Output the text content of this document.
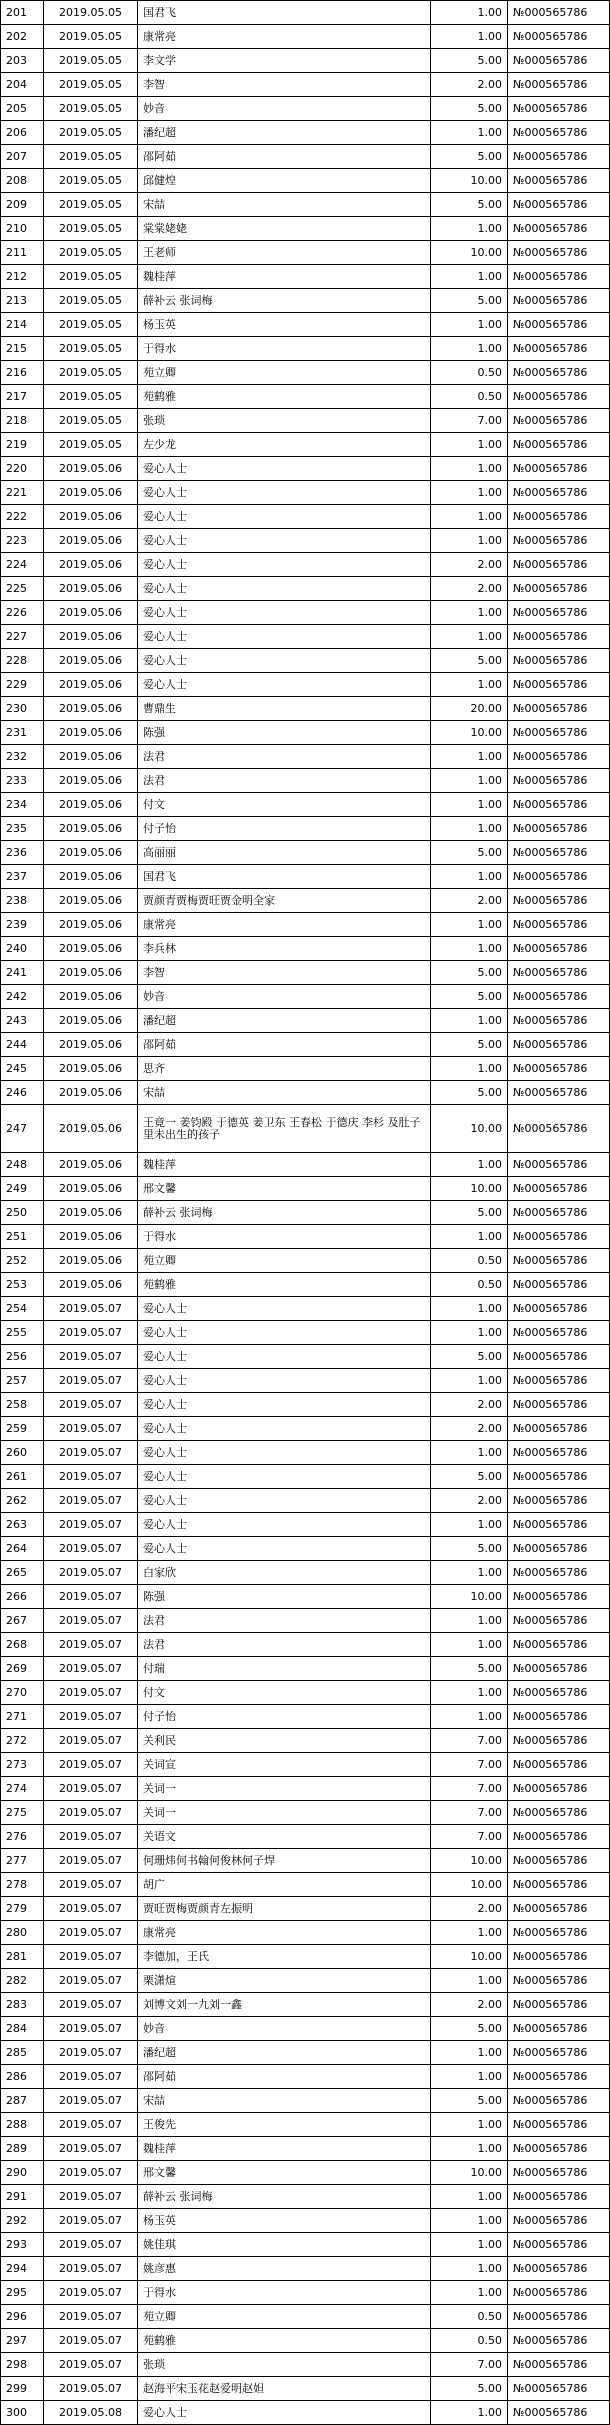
201	2019.05.05	国君飞	1.00	№000565786
202	2019.05.05	康常亮	1.00	№000565786
203	2019.05.05	李文学	5.00	№000565786
204	2019.05.05	李智	2.00	№000565786
205	2019.05.05	妙音	5.00	№000565786
206	2019.05.05	潘纪超	1.00	№000565786
207	2019.05.05	邵阿茹	5.00	№000565786
208	2019.05.05	邱健煌	10.00	№000565786
209	2019.05.05	宋喆	5.00	№000565786
210	2019.05.05	棠棠姥姥	1.00	№000565786
211	2019.05.05	王老师	10.00	№000565786
212	2019.05.05	魏桂萍	1.00	№000565786
213	2019.05.05	薛补云 张词梅	5.00	№000565786
214	2019.05.05	杨玉英	1.00	№000565786
215	2019.05.05	于得水	1.00	№000565786
216	2019.05.05	苑立卿	0.50	№000565786
217	2019.05.05	苑鹤雅	0.50	№000565786
218	2019.05.05	张琐	7.00	№000565786
219	2019.05.05	左少龙	1.00	№000565786
220	2019.05.06	爱心人士	1.00	№000565786
221	2019.05.06	爱心人士	1.00	№000565786
222	2019.05.06	爱心人士	1.00	№000565786
223	2019.05.06	爱心人士	1.00	№000565786
224	2019.05.06	爱心人士	2.00	№000565786
225	2019.05.06	爱心人士	2.00	№000565786
226	2019.05.06	爱心人士	1.00	№000565786
227	2019.05.06	爱心人士	1.00	№000565786
228	2019.05.06	爱心人士	5.00	№000565786
229	2019.05.06	爱心人士	1.00	№000565786
230	2019.05.06	曹鼎生	20.00	№000565786
231	2019.05.06	陈强	10.00	№000565786
232	2019.05.06	法君	1.00	№000565786
233	2019.05.06	法君	1.00	№000565786
234	2019.05.06	付文	1.00	№000565786
235	2019.05.06	付子怡	1.00	№000565786
236	2019.05.06	高丽丽	5.00	№000565786
237	2019.05.06	国君飞	1.00	№000565786
238	2019.05.06	贾颜青贾梅贾旺贾金明全家	2.00	№000565786
239	2019.05.06	康常亮	1.00	№000565786
240	2019.05.06	李兵林	1.00	№000565786
241	2019.05.06	李智	5.00	№000565786
242	2019.05.06	妙音	5.00	№000565786
243	2019.05.06	潘纪超	1.00	№000565786
244	2019.05.06	邵阿茹	5.00	№000565786
245	2019.05.06	思齐	1.00	№000565786
246	2019.05.06	宋喆	5.00	№000565786
247	2019.05.06	王竟一 姜钧殿 于德英 姜卫东 王春松 于德庆 李杉 及肚子里未出生的孩子	10.00	№000565786
248	2019.05.06	魏桂萍	1.00	№000565786
249	2019.05.06	邢文馨	10.00	№000565786
250	2019.05.06	薛补云 张词梅	5.00	№000565786
251	2019.05.06	于得水	1.00	№000565786
252	2019.05.06	苑立卿	0.50	№000565786
253	2019.05.06	苑鹤雅	0.50	№000565786
254	2019.05.07	爱心人士	1.00	№000565786
255	2019.05.07	爱心人士	1.00	№000565786
256	2019.05.07	爱心人士	5.00	№000565786
257	2019.05.07	爱心人士	1.00	№000565786
258	2019.05.07	爱心人士	2.00	№000565786
259	2019.05.07	爱心人士	2.00	№000565786
260	2019.05.07	爱心人士	1.00	№000565786
261	2019.05.07	爱心人士	5.00	№000565786
262	2019.05.07	爱心人士	2.00	№000565786
263	2019.05.07	爱心人士	1.00	№000565786
264	2019.05.07	爱心人士	5.00	№000565786
265	2019.05.07	白家欣	1.00	№000565786
266	2019.05.07	陈强	10.00	№000565786
267	2019.05.07	法君	1.00	№000565786
268	2019.05.07	法君	1.00	№000565786
269	2019.05.07	付瑞	5.00	№000565786
270	2019.05.07	付文	1.00	№000565786
271	2019.05.07	付子怡	1.00	№000565786
272	2019.05.07	关利民	7.00	№000565786
273	2019.05.07	关词宣	7.00	№000565786
274	2019.05.07	关词一	7.00	№000565786
275	2019.05.07	关词一	7.00	№000565786
276	2019.05.07	关语文	7.00	№000565786
277	2019.05.07	何珊炜何书翰何俊林何子焊	10.00	№000565786
278	2019.05.07	胡广	10.00	№000565786
279	2019.05.07	贾旺贾梅贾颜青左振明	2.00	№000565786
280	2019.05.07	康常亮	1.00	№000565786
281	2019.05.07	李德加，王氏	10.00	№000565786
282	2019.05.07	栗潇煊	1.00	№000565786
283	2019.05.07	刘博文刘一九刘一鑫	2.00	№000565786
284	2019.05.07	妙音	5.00	№000565786
285	2019.05.07	潘纪超	1.00	№000565786
286	2019.05.07	邵阿茹	1.00	№000565786
287	2019.05.07	宋喆	5.00	№000565786
288	2019.05.07	王俊先	1.00	№000565786
289	2019.05.07	魏桂萍	1.00	№000565786
290	2019.05.07	邢文馨	10.00	№000565786
291	2019.05.07	薛补云 张词梅	1.00	№000565786
292	2019.05.07	杨玉英	1.00	№000565786
293	2019.05.07	姚佳琪	1.00	№000565786
294	2019.05.07	姚彦惠	1.00	№000565786
295	2019.05.07	于得水	1.00	№000565786
296	2019.05.07	苑立卿	0.50	№000565786
297	2019.05.07	苑鹤雅	0.50	№000565786
298	2019.05.07	张琐	7.00	№000565786
299	2019.05.07	赵海平宋玉花赵爱明赵妲	5.00	№000565786
300	2019.05.08	爱心人士	1.00	№000565786
